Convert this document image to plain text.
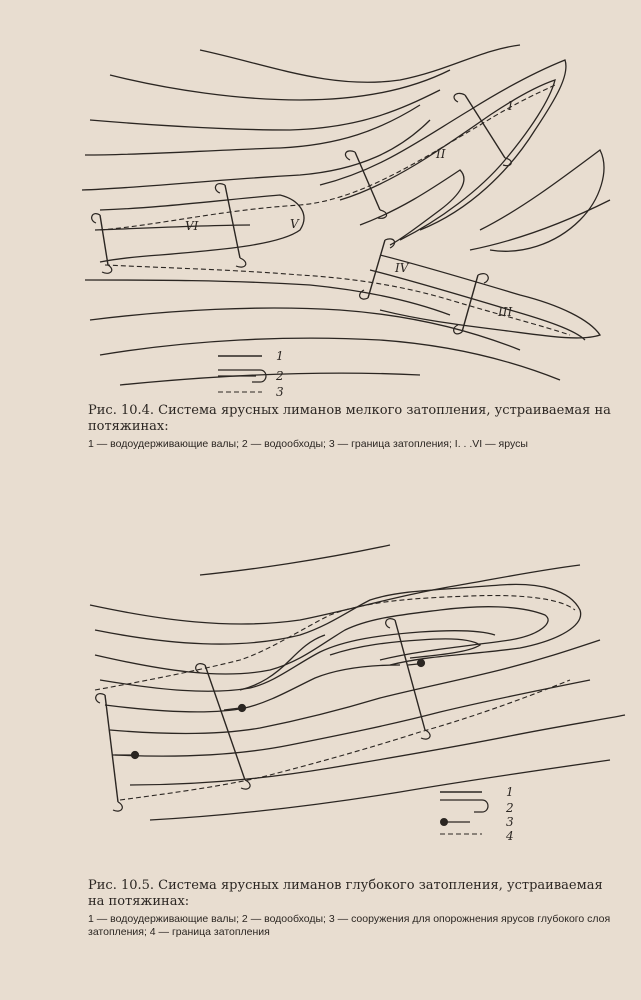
I
II
III
IV
V
VI
1
2
3
Рис. 10.4. Система ярусных лиманов мелкого затопления, устраиваемая на потяжинах:
1 — водоудерживающие валы; 2 — водообходы; 3 — граница затопления; I. . .VI — ярусы
1
2
3
4
Рис. 10.5. Система ярусных лиманов глубокого затопления, устраиваемая на потяжинах:
1 — водоудерживающие валы; 2 — водообходы; 3 — сооружения для опорожнения ярусов глубокого слоя затопления; 4 — граница затопления
